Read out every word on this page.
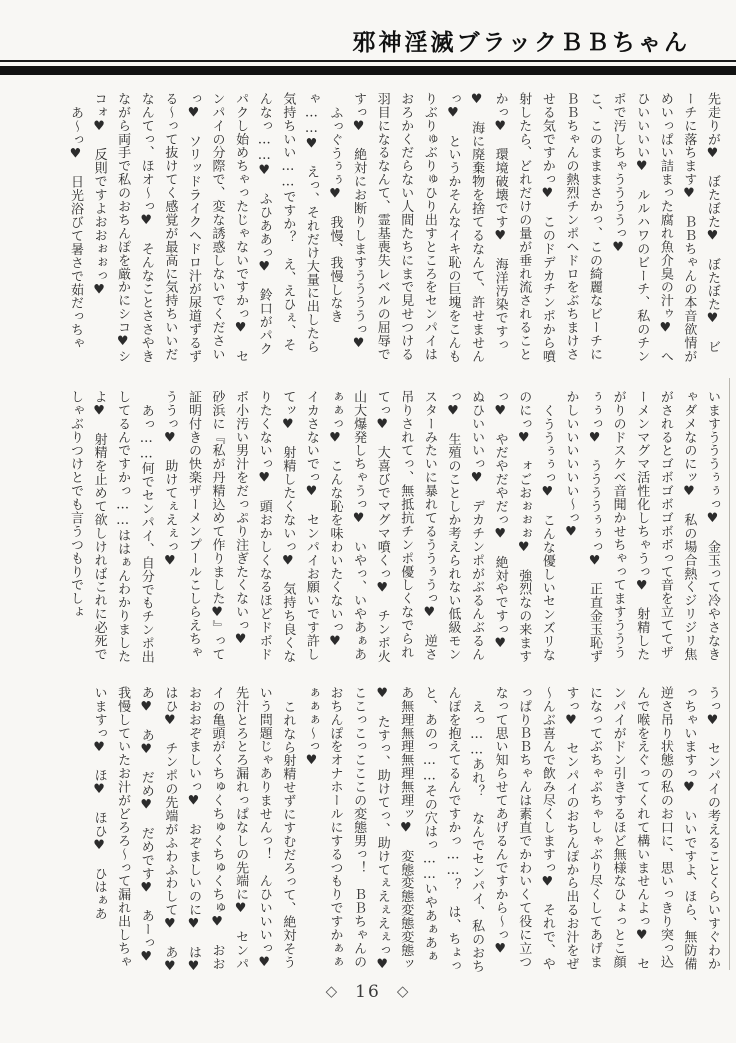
邪神淫滅ブラックＢＢちゃん

先走りが♥　ぼたぼた♥　ぼたぼた♥　ビーチに落ちます♥　ＢＢちゃんの本音欲情がめいっぱい詰まった腐れ魚介臭の汁ゥ♥　へひいいいい♥　ルルハワのビーチ、私のチンポで汚しちゃううううっ♥

こ、このまままさかっ、この綺麗なビーチにＢＢちゃんの熱烈チンポヘドロをぶちまけさせる気ですかっ♥　このドデカチンポから噴射したら、どれだけの量が垂れ流されることかっ♥　環境破壊です♥　海洋汚染ですっ♥　海に廃棄物を捨てるなんて、許せませんっ♥　というかそんなイキ恥の巨塊をこんもりぶりゅぶりゅひり出すところをセンパイはおろかくだらない人間たちにまで見せつける羽目になるなんて、霊基喪失レベルの屈辱ですっ♥　絶対にお断りしますううううっ♥

ふっぐうぅぅ♥　我慢、我慢しなきゃ……♥　えっ、それだけ大量に出したら気持ちいい……ですか？　え、えひぇ、そんなっ……♥　ふひああっ♥　鈴口がパクパクし始めちゃったじゃないですかっ♥　センパイの分際で、変な誘惑しないでくださいっ♥　ソリッドライクヘドロ汁が尿道ずるずる～って抜けてく感覚が最高に気持ちいいだなんてっ、ほオ～っ♥　そんなことささやきながら両手で私のおちんぽを厳かにシコ♥シコォ♥　反則ですよおおぉぉっ♥

あ～っ♥　日光浴びて暑さで茹だっちゃ

いますうううぅぅっ♥　金玉って冷やさなきゃダメなのにッ♥　私の場合熱くジリジリ焦がされるとゴボゴボゴボボって音を立ててザーメンマグマ活性化しちゃうっ♥　射精したがりのドスケベ音聞かせちゃってますうううぅぅっ♥　ううううぅぅっ♥　正直金玉恥ずかしいいいいいい～っ♥

くううぅぅっ♥　こんな優しいセンズリなのにっ♥　ォごおぉぉぉ♥　強烈なの来ますっ♥　やだやだやだっ♥　絶対やですっ♥　ぬひいいいっ♥　デカチンポがぶるんぶるんっ♥　生殖のことしか考えられない低級モンスターみたいに暴れてるううぅうっ♥　逆さ吊りされてっ、無抵抗チンポ優しくなでられてっ♥　大喜びでマグマ噴くっ♥　チンポ火山大爆発しちゃうっ♥　いやっ、いやあぁあぁぁっ♥　こんな恥を味わいたくないっ♥　イカさないでっ♥　センパイお願いです許してッ♥　射精したくないっ♥　気持ち良くなりたくないっ♥　頭おかしくなるほどドボドボ小汚い男汁をだっぷり注ぎたくないっ♥　砂浜に『私が丹精込めて作りました♥』って証明付きの快楽ザーメンプールこしらえちゃううっ♥　助けてぇえぇっ♥

あっ……何でセンパイ、自分でもチンポ出してるんですかっ……ははぁんわかりましたよ♥　射精を止めて欲しければこれに必死でしゃぶりつけとでも言うつもりでしょ

うっ♥　センパイの考えることくらいすぐわかっちゃいますっ♥　いいですよ、ほら、無防備逆さ吊り状態の私のお口に、思いっきり突っ込んで喉をえぐってくれて構いませんよっ♥　センパイがドン引きするほど無様なひょっとこ顔になってぶちゃぶちゃしゃぶり尽くしてあげますっ♥　センパイのおちんぽから出るお汁をぜ～んぶ喜んで飲み尽くしますっ♥　それで、やっぱりＢＢちゃんは素直でかわいくて役に立つなって思い知らせてあげるんですから～っ♥

えっ……あれ？　なんでセンパイ、私のおちんぽを抱えてるんですかっ……？　は、ちょっと、あのっ……その穴はっ……いやあぁあぁあ無理無理無理無理ッ♥　変態変態変態変態ッ♥　たすっ、助けてっ、助けてぇえぇえぇっ♥　ここっこっこここの変態男っ！　ＢＢちゃんのおちんぽをオナホールにするつもりですかぁぁぁぁぁ～っ♥

これなら射精せずにすむだろって、絶対そういう問題じゃありませんっ！　んひいいいっ♥　先汁とろとろ漏れっぱなしの先端に♥　センパイの亀頭がくちゅくちゅくちゅくちゅ♥　おおおおおぞましいっ♥　おぞましいのに♥　は♥　はひ♥　チンポの先端がふわふわして♥　あ♥　あ♥　あ♥　だめ♥　だめです♥　あーっ♥　我慢していたお汁がどろろ～って漏れ出しちゃいますっ♥　ほ♥　ほひ♥　ひはぁあ

◇ 16 ◇
